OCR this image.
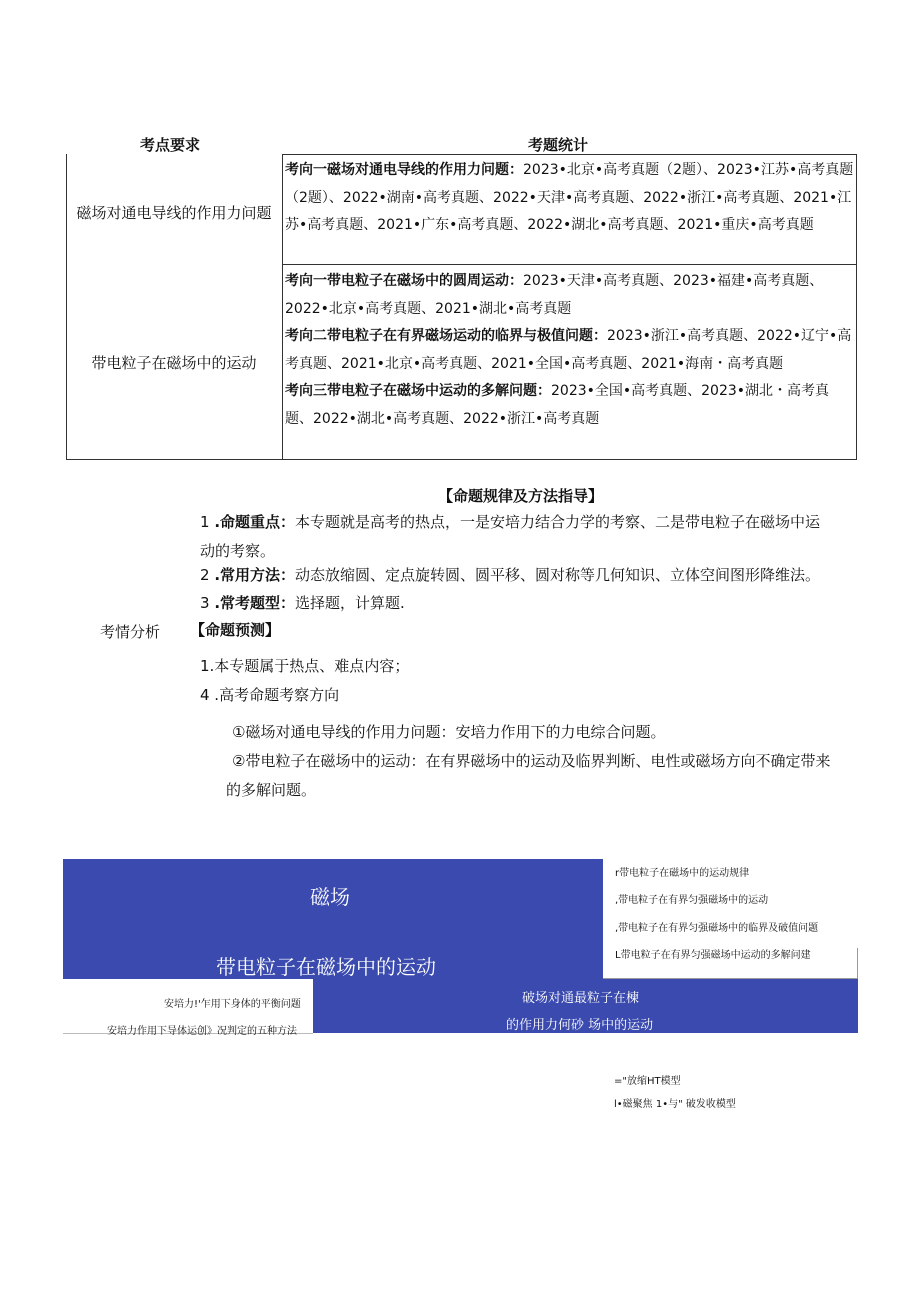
考点要求	考题统计
磁场对通电导线的作用力问题
带电粒子在磁场中的运动
考向一磁场对通电导线的作用力问题：2023•北京•高考真题（2题）、2023•江苏•高考真题（2题）、2022•湖南•高考真题、2022•天津•高考真题、2022•浙江•高考真题、2021•江苏•高考真题、2021•广东•高考真题、2022•湖北•高考真题、2021•重庆•高考真题
考向一带电粒子在磁场中的圆周运动：2023•天津•高考真题、2023•福建•高考真题、2022•北京•高考真题、2021•湖北•高考真题
考向二带电粒子在有界磁场运动的临界与极值问题：2023•浙江•高考真题、2022•辽宁•高考真题、2021•北京•高考真题、2021•全国•高考真题、2021•海南・高考真题
考向三带电粒子在磁场中运动的多解问题：2023•全国•高考真题、2023•湖北・高考真题、2022•湖北•高考真题、2022•浙江•高考真题
【命题规律及方法指导】
1 .命题重点：本专题就是高考的热点，一是安培力结合力学的考察、二是带电粒子在磁场中运
动的考察。
2 .常用方法：动态放缩圆、定点旋转圆、圆平移、圆对称等几何知识、立体空间图形降维法。
3 .常考题型：选择题，计算题.
考情分析 【命题预测】
1.本专题属于热点、难点内容；
4 .高考命题考察方向
①磁场对通电导线的作用力问题：安培力作用下的力电综合问题。
②带电粒子在磁场中的运动：在有界磁场中的运动及临界判断、电性或磁场方向不确定带来
的多解问题。
磁场
带电粒子在磁场中的运动
r带电粒子在磁场中的运动规律
,带电粒子在有界匀强磁场中的运动
,带电粒子在有界匀强磁场中的临界及破值问题
L带电粒子在有界匀强磁场中运动的多解问建
安培力!'乍用下身体的平衡问题
安培力作用下导体运创》况判定的五种方法
破场对通最粒子在楝
的作用力何砂 场中的运动
="放缩HT模型
l•磁聚焦 1•与" 破发收模型
